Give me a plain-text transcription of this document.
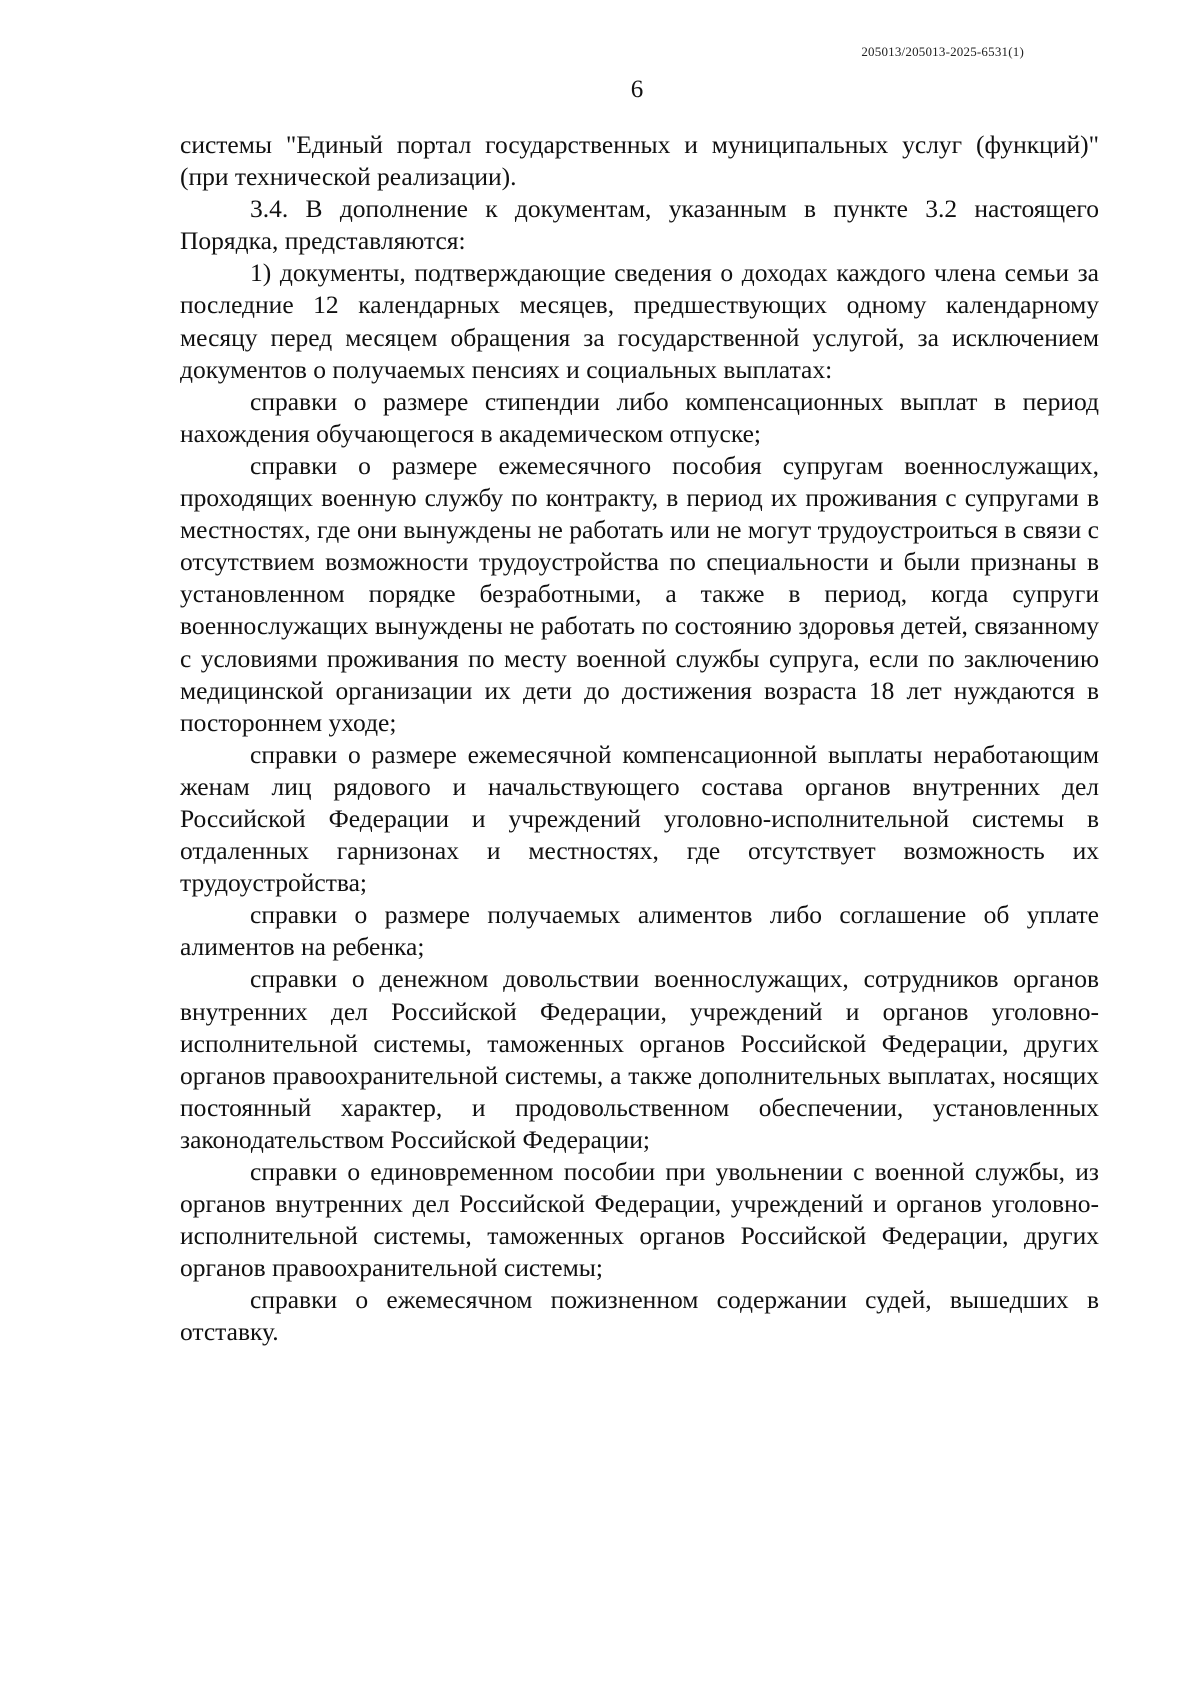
205013/205013-2025-6531(1)
6

системы "Единый портал государственных и муниципальных услуг (функций)" (при технической реализации).

3.4. В дополнение к документам, указанным в пункте 3.2 настоящего Порядка, представляются:

1) документы, подтверждающие сведения о доходах каждого члена семьи за последние 12 календарных месяцев, предшествующих одному календарному месяцу перед месяцем обращения за государственной услугой, за исключением документов о получаемых пенсиях и социальных выплатах:

справки о размере стипендии либо компенсационных выплат в период нахождения обучающегося в академическом отпуске;

справки о размере ежемесячного пособия супругам военнослужащих, проходящих военную службу по контракту, в период их проживания с супругами в местностях, где они вынуждены не работать или не могут трудоустроиться в связи с отсутствием возможности трудоустройства по специальности и были признаны в установленном порядке безработными, а также в период, когда супруги военнослужащих вынуждены не работать по состоянию здоровья детей, связанному с условиями проживания по месту военной службы супруга, если по заключению медицинской организации их дети до достижения возраста 18 лет нуждаются в постороннем уходе;

справки о размере ежемесячной компенсационной выплаты неработающим женам лиц рядового и начальствующего состава органов внутренних дел Российской Федерации и учреждений уголовно-исполнительной системы в отдаленных гарнизонах и местностях, где отсутствует возможность их трудоустройства;

справки о размере получаемых алиментов либо соглашение об уплате алиментов на ребенка;

справки о денежном довольствии военнослужащих, сотрудников органов внутренних дел Российской Федерации, учреждений и органов уголовно-исполнительной системы, таможенных органов Российской Федерации, других органов правоохранительной системы, а также дополнительных выплатах, носящих постоянный характер, и продовольственном обеспечении, установленных законодательством Российской Федерации;

справки о единовременном пособии при увольнении с военной службы, из органов внутренних дел Российской Федерации, учреждений и органов уголовно-исполнительной системы, таможенных органов Российской Федерации, других органов правоохранительной системы;

справки о ежемесячном пожизненном содержании судей, вышедших в отставку.
